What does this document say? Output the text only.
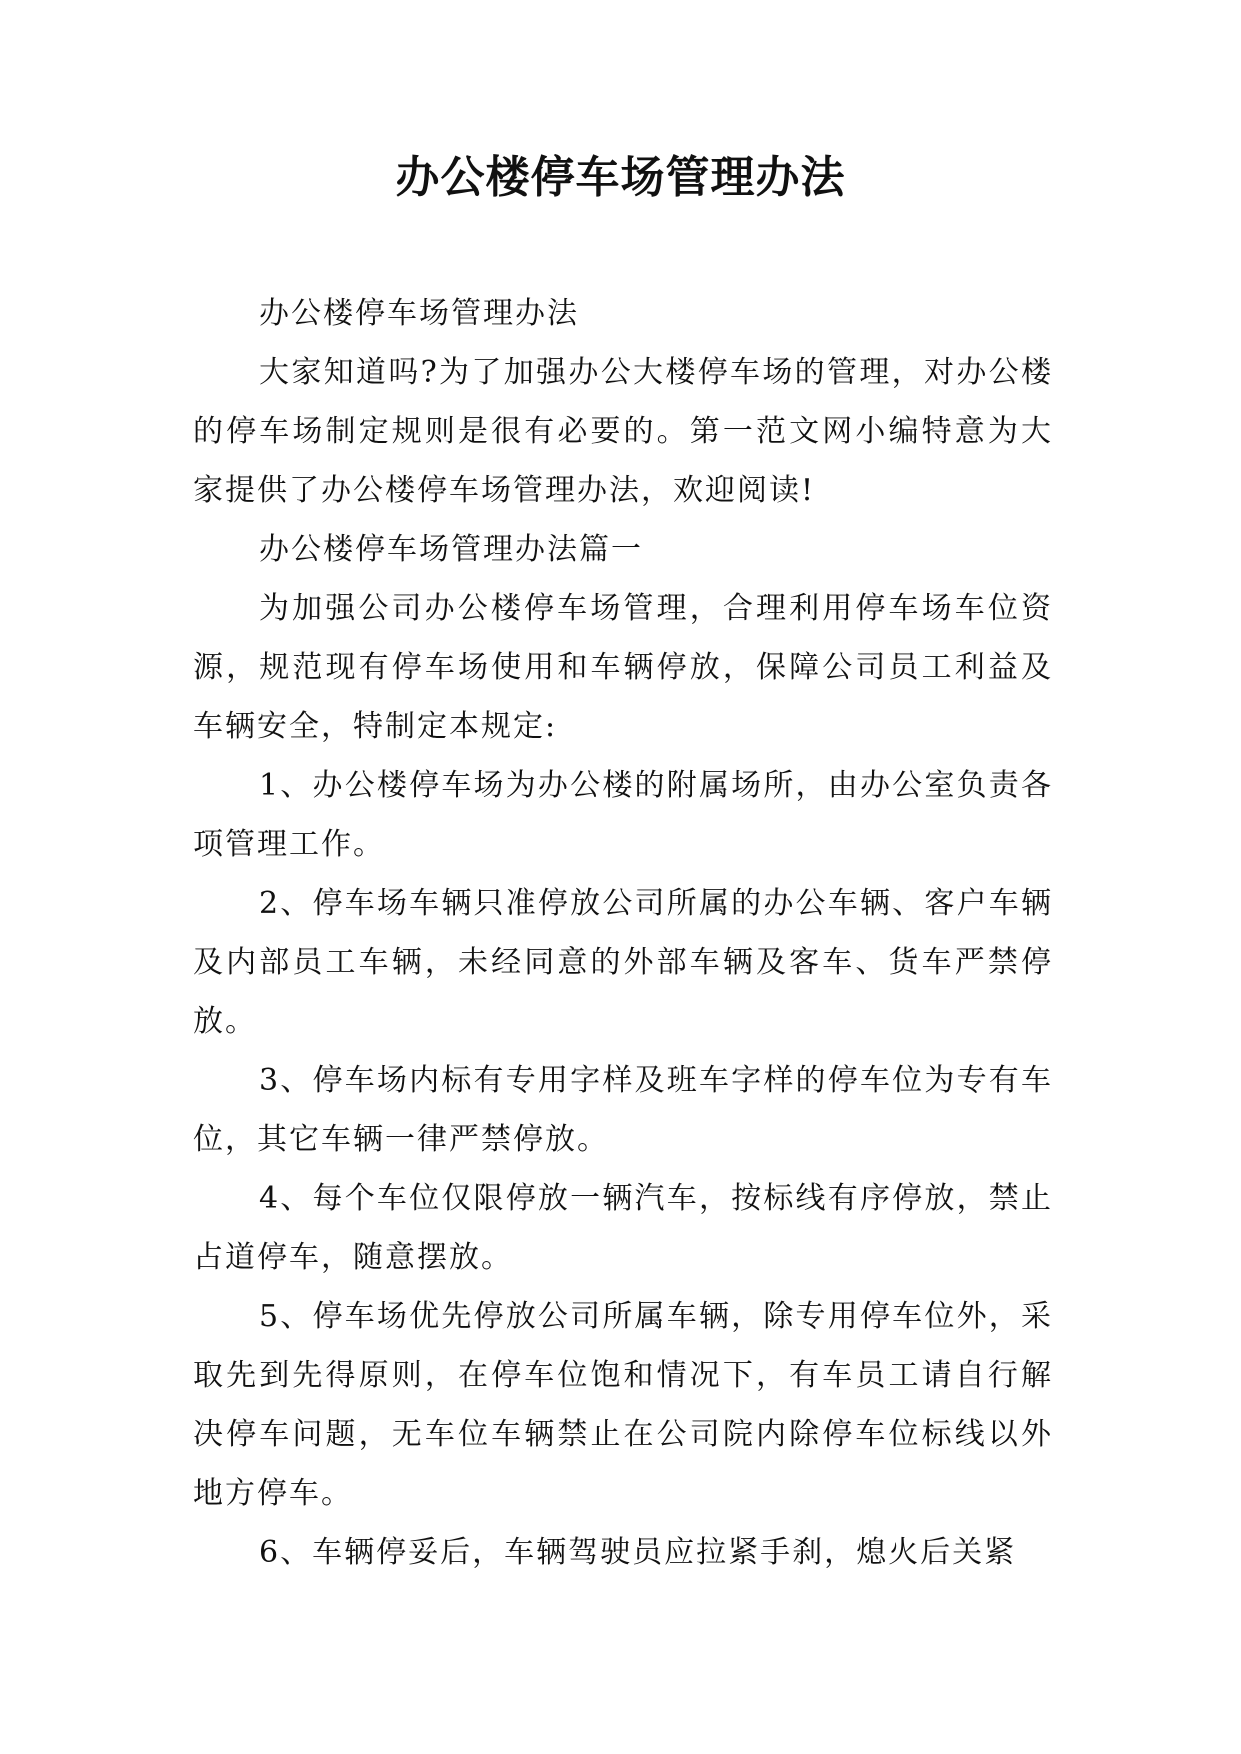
办公楼停车场管理办法

办公楼停车场管理办法

大家知道吗?为了加强办公大楼停车场的管理，对办公楼的停车场制定规则是很有必要的。第一范文网小编特意为大家提供了办公楼停车场管理办法，欢迎阅读!

办公楼停车场管理办法篇一

为加强公司办公楼停车场管理，合理利用停车场车位资源，规范现有停车场使用和车辆停放，保障公司员工利益及车辆安全，特制定本规定:

1、办公楼停车场为办公楼的附属场所，由办公室负责各项管理工作。

2、停车场车辆只准停放公司所属的办公车辆、客户车辆及内部员工车辆，未经同意的外部车辆及客车、货车严禁停放。

3、停车场内标有专用字样及班车字样的停车位为专有车位，其它车辆一律严禁停放。

4、每个车位仅限停放一辆汽车，按标线有序停放，禁止占道停车，随意摆放。

5、停车场优先停放公司所属车辆，除专用停车位外，采取先到先得原则，在停车位饱和情况下，有车员工请自行解决停车问题，无车位车辆禁止在公司院内除停车位标线以外地方停车。

6、车辆停妥后，车辆驾驶员应拉紧手刹，熄火后关紧
